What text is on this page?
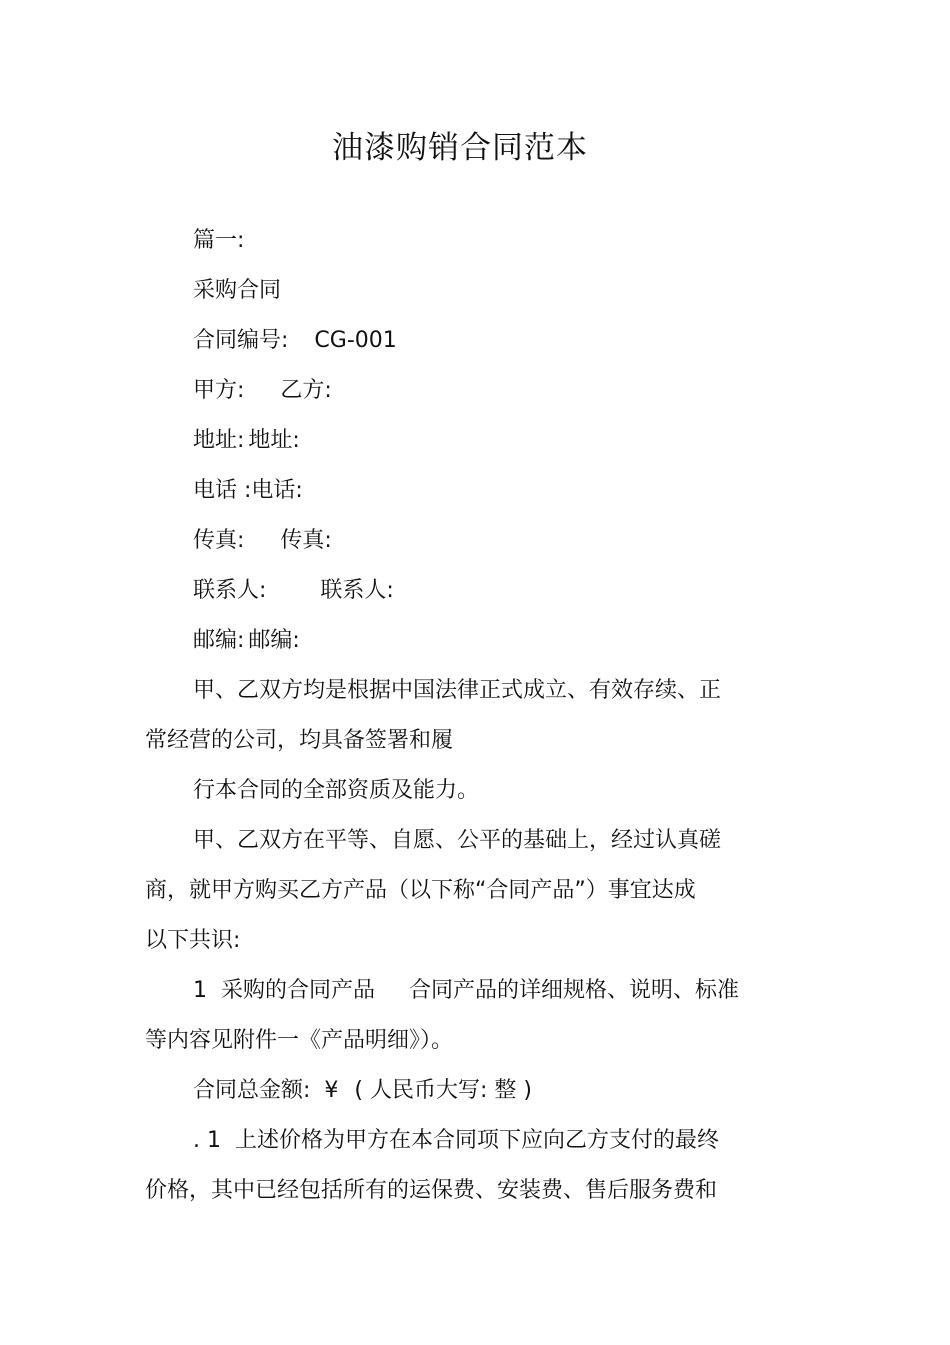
油漆购销合同范本
篇一:
采购合同
合同编号: CG-001
甲方: 乙方:
地址: 地址:
电话 :电话:
传真: 传真:
联系人: 联系人:
邮编: 邮编:
甲、乙双方均是根据中国法律正式成立、有效存续、正
常经营的公司，均具备签署和履
行本合同的全部资质及能力。
甲、乙双方在平等、自愿、公平的基础上，经过认真磋
商，就甲方购买乙方产品（以下称“合同产品”）事宜达成
以下共识:
1 采购的合同产品 合同产品的详细规格、说明、标准
等内容见附件一《产品明细》）。
合同总金额: ¥ ( 人民币大写: 整 )
. 1 上述价格为甲方在本合同项下应向乙方支付的最终
价格，其中已经包括所有的运保费、安装费、售后服务费和
